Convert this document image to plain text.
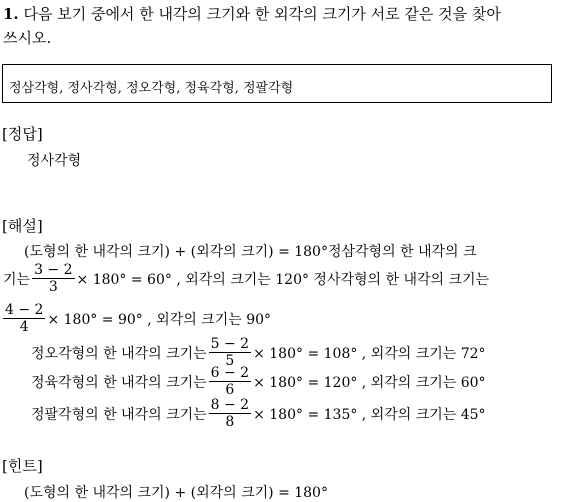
1. 다음 보기 중에서 한 내각의 크기와 한 외각의 크기가 서로 같은 것을 찾아
쓰시오.
정삼각형, 정사각형, 정오각형, 정육각형, 정팔각형
[정답]
정사각형
[해설]
(도형의 한 내각의 크기) + (외각의 크기) = 180°정삼각형의 한 내각의 크
기는 $\frac{3 - 2}{3} \times 180^\circ = 60^\circ$ , 외각의 크기는 120° 정사각형의 한 내각의 크기는
$\frac{4 - 2}{4} \times 180^\circ = 90^\circ$ , 외각의 크기는 90°
정오각형의 한 내각의 크기는 $\frac{5 - 2}{5} \times 180^\circ = 108^\circ$ , 외각의 크기는 72°
정육각형의 한 내각의 크기는 $\frac{6 - 2}{6} \times 180^\circ = 120^\circ$ , 외각의 크기는 60°
정팔각형의 한 내각의 크기는 $\frac{8 - 2}{8} \times 180^\circ = 135^\circ$ , 외각의 크기는 45°
[힌트]
(도형의 한 내각의 크기) + (외각의 크기) = 180°
